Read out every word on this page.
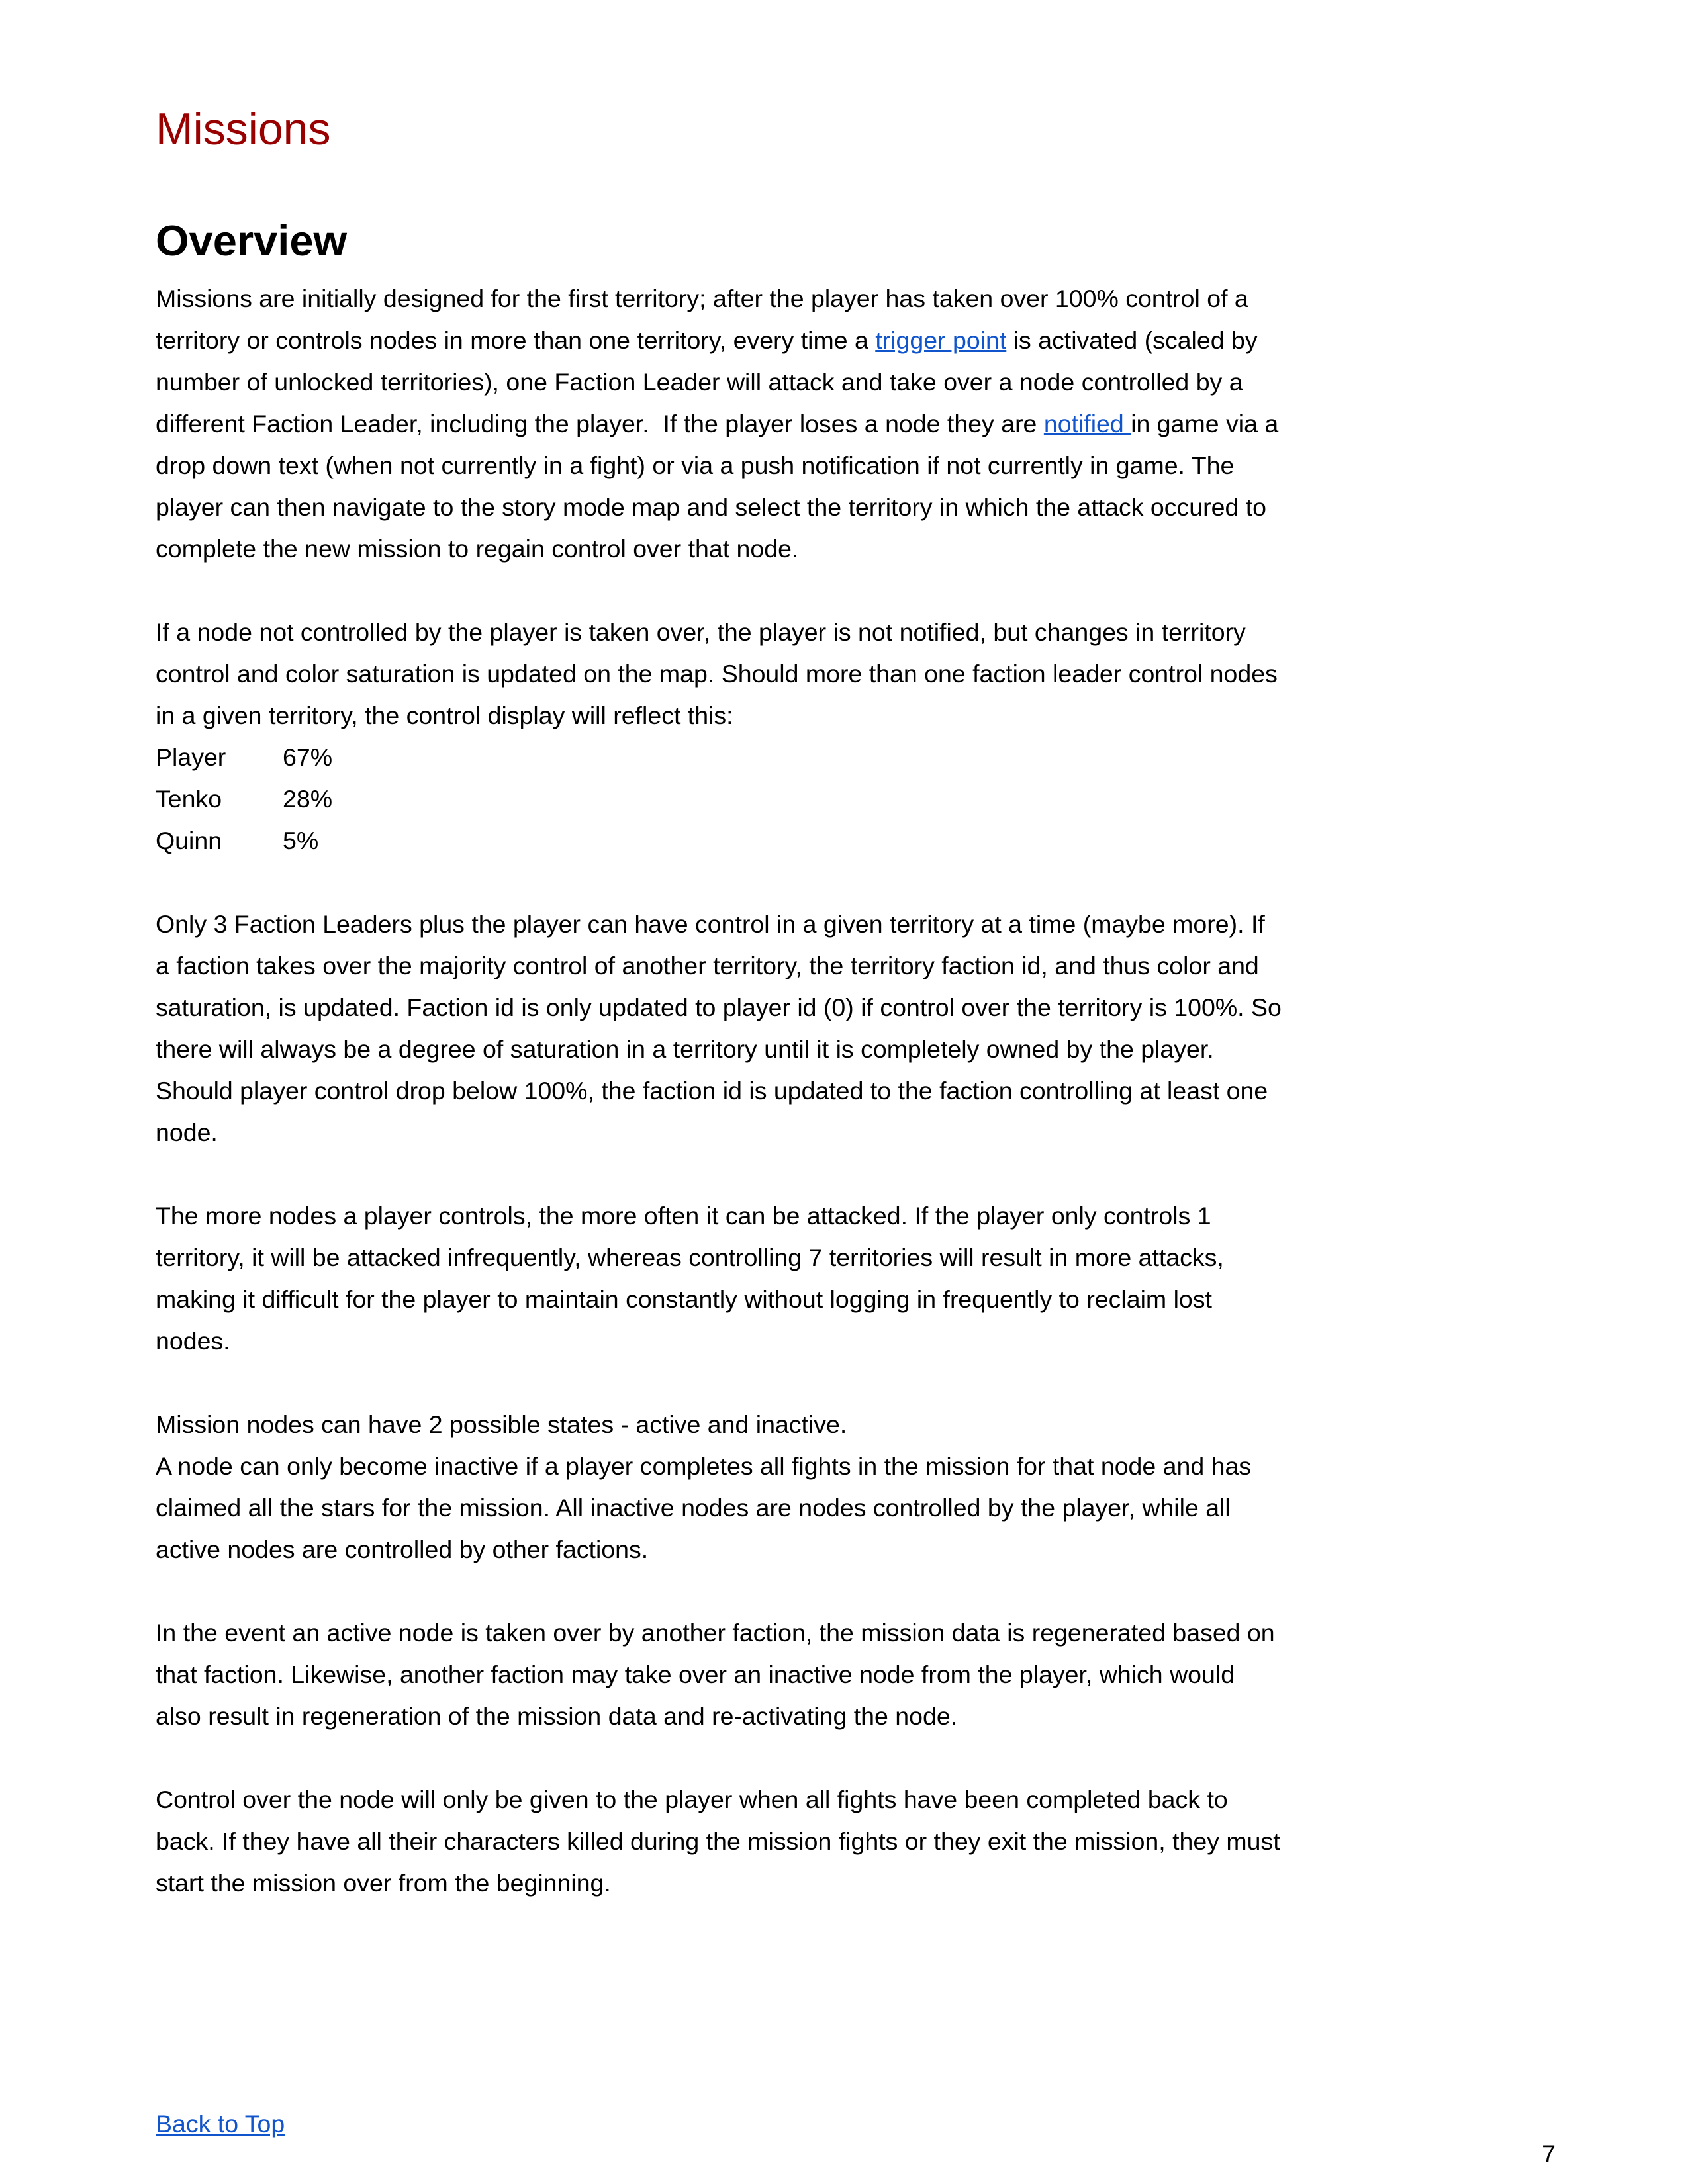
Missions
Overview
Missions are initially designed for the first territory; after the player has taken over 100% control of a
territory or controls nodes in more than one territory, every time a trigger point is activated (scaled by
number of unlocked territories), one Faction Leader will attack and take over a node controlled by a
different Faction Leader, including the player.  If the player loses a node they are notified in game via a
drop down text (when not currently in a fight) or via a push notification if not currently in game. The
player can then navigate to the story mode map and select the territory in which the attack occured to
complete the new mission to regain control over that node.
If a node not controlled by the player is taken over, the player is not notified, but changes in territory
control and color saturation is updated on the map. Should more than one faction leader control nodes
in a given territory, the control display will reflect this:
Player 67%
Tenko 28%
Quinn 5%
Only 3 Faction Leaders plus the player can have control in a given territory at a time (maybe more). If
a faction takes over the majority control of another territory, the territory faction id, and thus color and
saturation, is updated. Faction id is only updated to player id (0) if control over the territory is 100%. So
there will always be a degree of saturation in a territory until it is completely owned by the player.
Should player control drop below 100%, the faction id is updated to the faction controlling at least one
node.
The more nodes a player controls, the more often it can be attacked. If the player only controls 1
territory, it will be attacked infrequently, whereas controlling 7 territories will result in more attacks,
making it difficult for the player to maintain constantly without logging in frequently to reclaim lost
nodes.
Mission nodes can have 2 possible states - active and inactive.
A node can only become inactive if a player completes all fights in the mission for that node and has
claimed all the stars for the mission. All inactive nodes are nodes controlled by the player, while all
active nodes are controlled by other factions.
In the event an active node is taken over by another faction, the mission data is regenerated based on
that faction. Likewise, another faction may take over an inactive node from the player, which would
also result in regeneration of the mission data and re-activating the node.
Control over the node will only be given to the player when all fights have been completed back to
back. If they have all their characters killed during the mission fights or they exit the mission, they must
start the mission over from the beginning.
Back to Top
7
